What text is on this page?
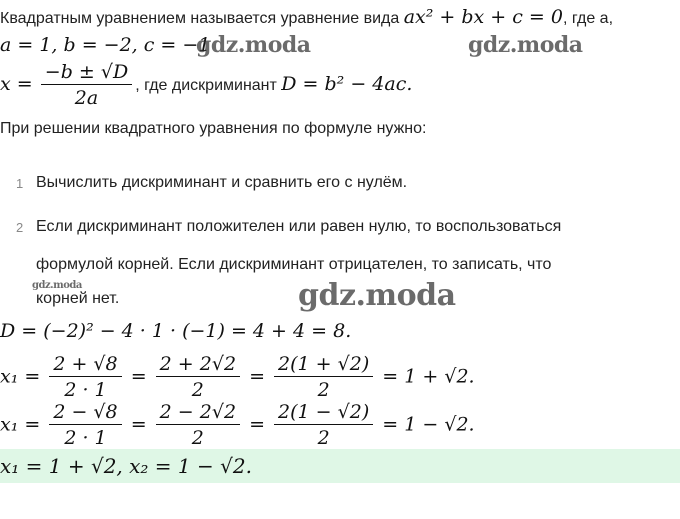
Квадратным уравнением называется уравнение вида ax² + bx + c = 0, где a,
a = 1, b = −2, c = −1
$x = \frac{-b \pm √D}{2a}$ , где дискриминант D = b² − 4ac.
При решении квадратного уравнения по формуле нужно:
1 Вычислить дискриминант и сравнить его с нулём.
2 Если дискриминант положителен или равен нулю, то воспользоваться
формулой корней. Если дискриминант отрицателен, то записать, что
корней нет.
D = (−2)² − 4 · 1 · (−1) = 4 + 4 = 8.
$x_1 = \frac{2 + √8}{2 \cdot 1} = \frac{2 + 2√2}{2} = \frac{2(1 + √2)}{2} = 1 + √2$.
$x_1 = \frac{2 - √8}{2 \cdot 1} = \frac{2 - 2√2}{2} = \frac{2(1 - √2)}{2} = 1 - √2$.
x₁ = 1 + √2, x₂ = 1 − √2.
gdz.moda	gdz.moda
gdz.moda	gdz.moda
